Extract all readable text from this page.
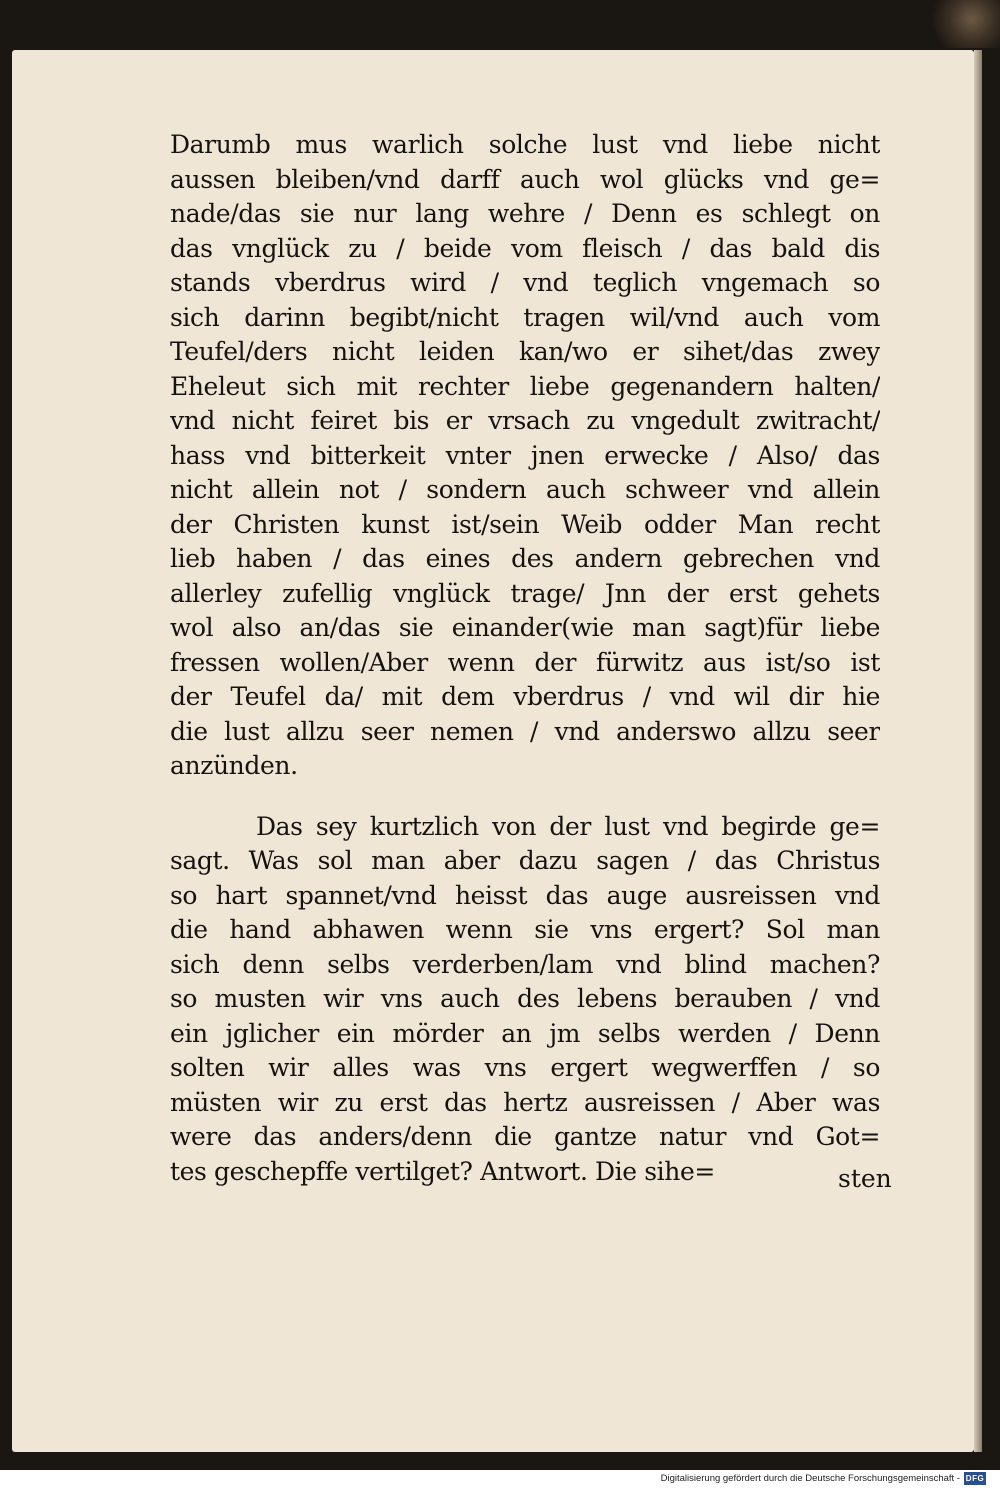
Darumb mus warlich solche lust vnd liebe nicht
aussen bleiben/vnd darff auch wol glücks vnd ge=
nade/das sie nur lang wehre / Denn es schlegt on
das vnglück zu / beide vom fleisch / das bald dis
stands vberdrus wird / vnd teglich vngemach so
sich darinn begibt/nicht tragen wil/vnd auch vom
Teufel/ders nicht leiden kan/wo er sihet/das zwey
Eheleut sich mit rechter liebe gegenandern halten/
vnd nicht feiret bis er vrsach zu vngedult zwitracht/
hass vnd bitterkeit vnter jnen erwecke / Also/ das
nicht allein not / sondern auch schweer vnd allein
der Christen kunst ist/sein Weib odder Man recht
lieb haben / das eines des andern gebrechen vnd
allerley zufellig vnglück trage/ Jnn der erst gehets
wol also an/das sie einander(wie man sagt)für liebe
fressen wollen/Aber wenn der fürwitz aus ist/so ist
der Teufel da/ mit dem vberdrus / vnd wil dir hie
die lust allzu seer nemen / vnd anderswo allzu seer
anzünden.
Das sey kurtzlich von der lust vnd begirde ge=
sagt. Was sol man aber dazu sagen / das Christus
so hart spannet/vnd heisst das auge ausreissen vnd
die hand abhawen wenn sie vns ergert? Sol man
sich denn selbs verderben/lam vnd blind machen?
so musten wir vns auch des lebens berauben / vnd
ein jglicher ein mörder an jm selbs werden / Denn
solten wir alles was vns ergert wegwerffen / so
müsten wir zu erst das hertz ausreissen / Aber was
were das anders/denn die gantze natur vnd Got=
tes geschepffe vertilget? Antwort. Die sihe=	sten
Digitalisierung gefördert durch die Deutsche Forschungsgemeinschaft - DFG
